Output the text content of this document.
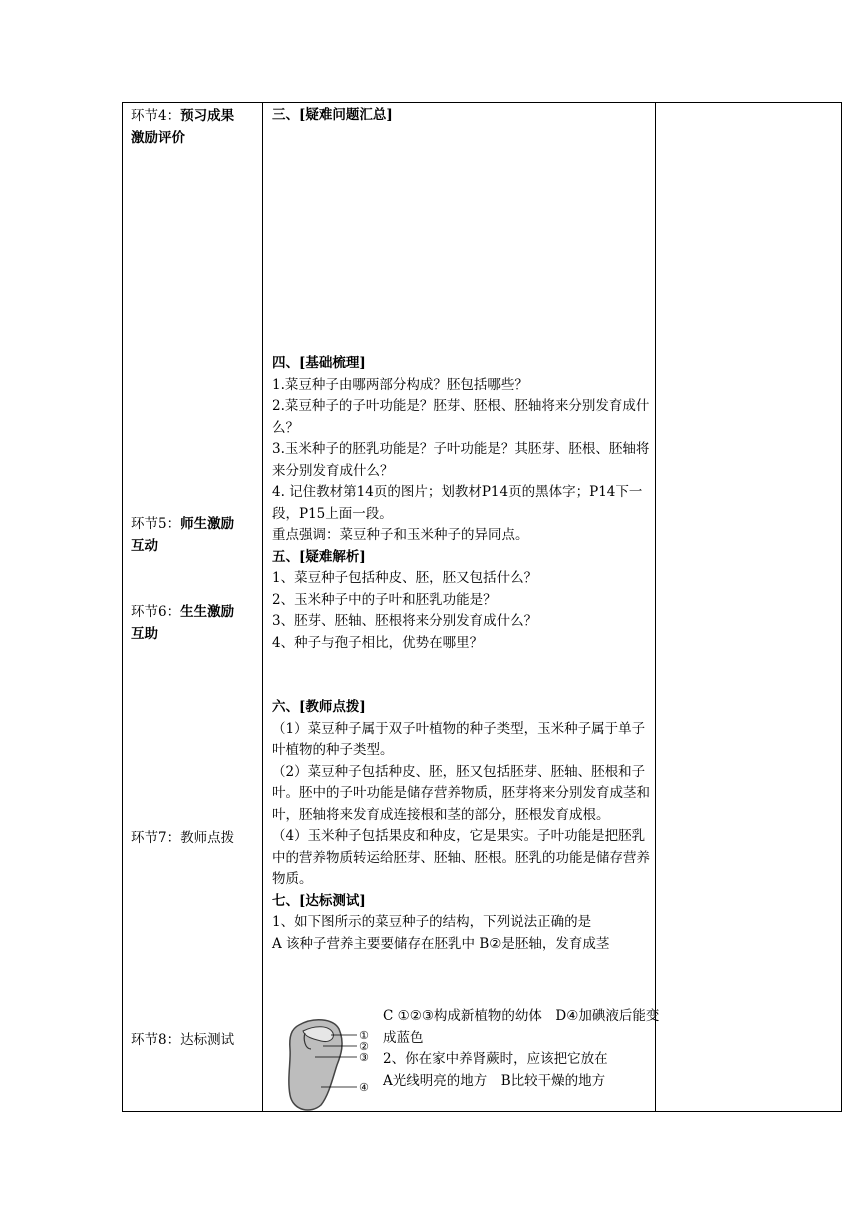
环节4：预习成果
激励评价
环节5：师生激励
互动
环节6：生生激励
互助
环节7：教师点拨
环节8：达标测试

三、[疑难问题汇总]

四、[基础梳理]

1.菜豆种子由哪两部分构成？胚包括哪些？

2.菜豆种子的子叶功能是？胚芽、胚根、胚轴将来分别发育成什么？

3.玉米种子的胚乳功能是？子叶功能是？其胚芽、胚根、胚轴将来分别发育成什么？

4. 记住教材第14页的图片；划教材P14页的黑体字；P14下一段，P15上面一段。

重点强调：菜豆种子和玉米种子的异同点。

五、[疑难解析]

1、菜豆种子包括种皮、胚，胚又包括什么？

2、玉米种子中的子叶和胚乳功能是？

3、胚芽、胚轴、胚根将来分别发育成什么？

4、种子与孢子相比，优势在哪里？

六、[教师点拨]

（1）菜豆种子属于双子叶植物的种子类型，玉米种子属于单子叶植物的种子类型。

（2）菜豆种子包括种皮、胚，胚又包括胚芽、胚轴、胚根和子叶。胚中的子叶功能是储存营养物质，胚芽将来分别发育成茎和叶，胚轴将来发育成连接根和茎的部分，胚根发育成根。

（4）玉米种子包括果皮和种皮，它是果实。子叶功能是把胚乳中的营养物质转运给胚芽、胚轴、胚根。胚乳的功能是储存营养物质。

七、[达标测试]

1、如下图所示的菜豆种子的结构，下列说法正确的是

A 该种子营养主要要储存在胚乳中 B②是胚轴，发育成茎

①
②
③
④

C ①②③构成新植物的幼体　D④加碘液后能变成蓝色

2、你在家中养肾蕨时，应该把它放在

A光线明亮的地方　B比较干燥的地方
